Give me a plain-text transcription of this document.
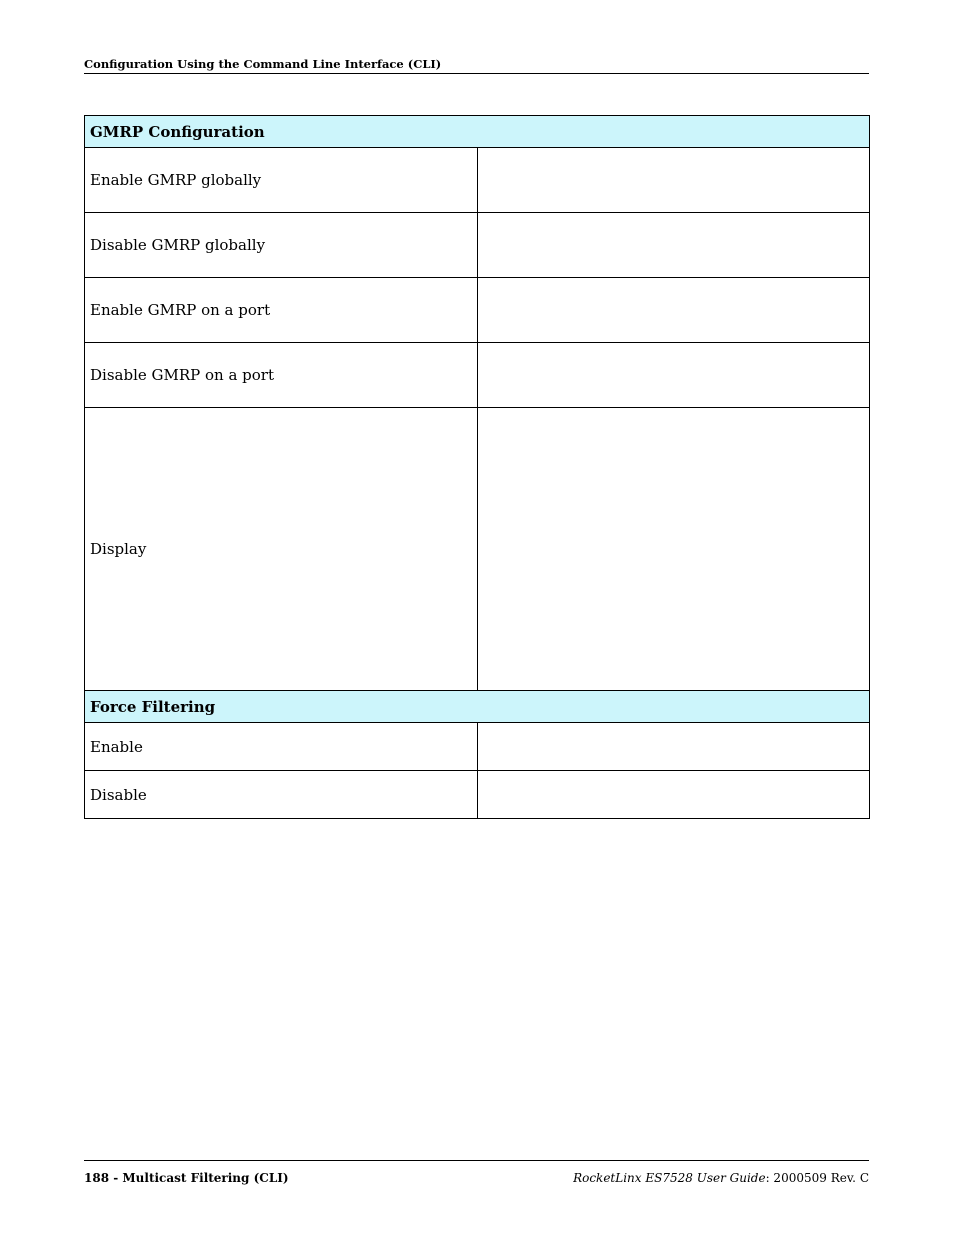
Configuration Using the Command Line Interface (CLI)
GMRP Configuration	
Enable GMRP globally	
Disable GMRP globally	
Enable GMRP on a port	
Disable GMRP on a port	
Display	
Force Filtering	
Enable	
Disable	
188 - Multicast Filtering (CLI)	RocketLinx ES7528 User Guide: 2000509 Rev. C
